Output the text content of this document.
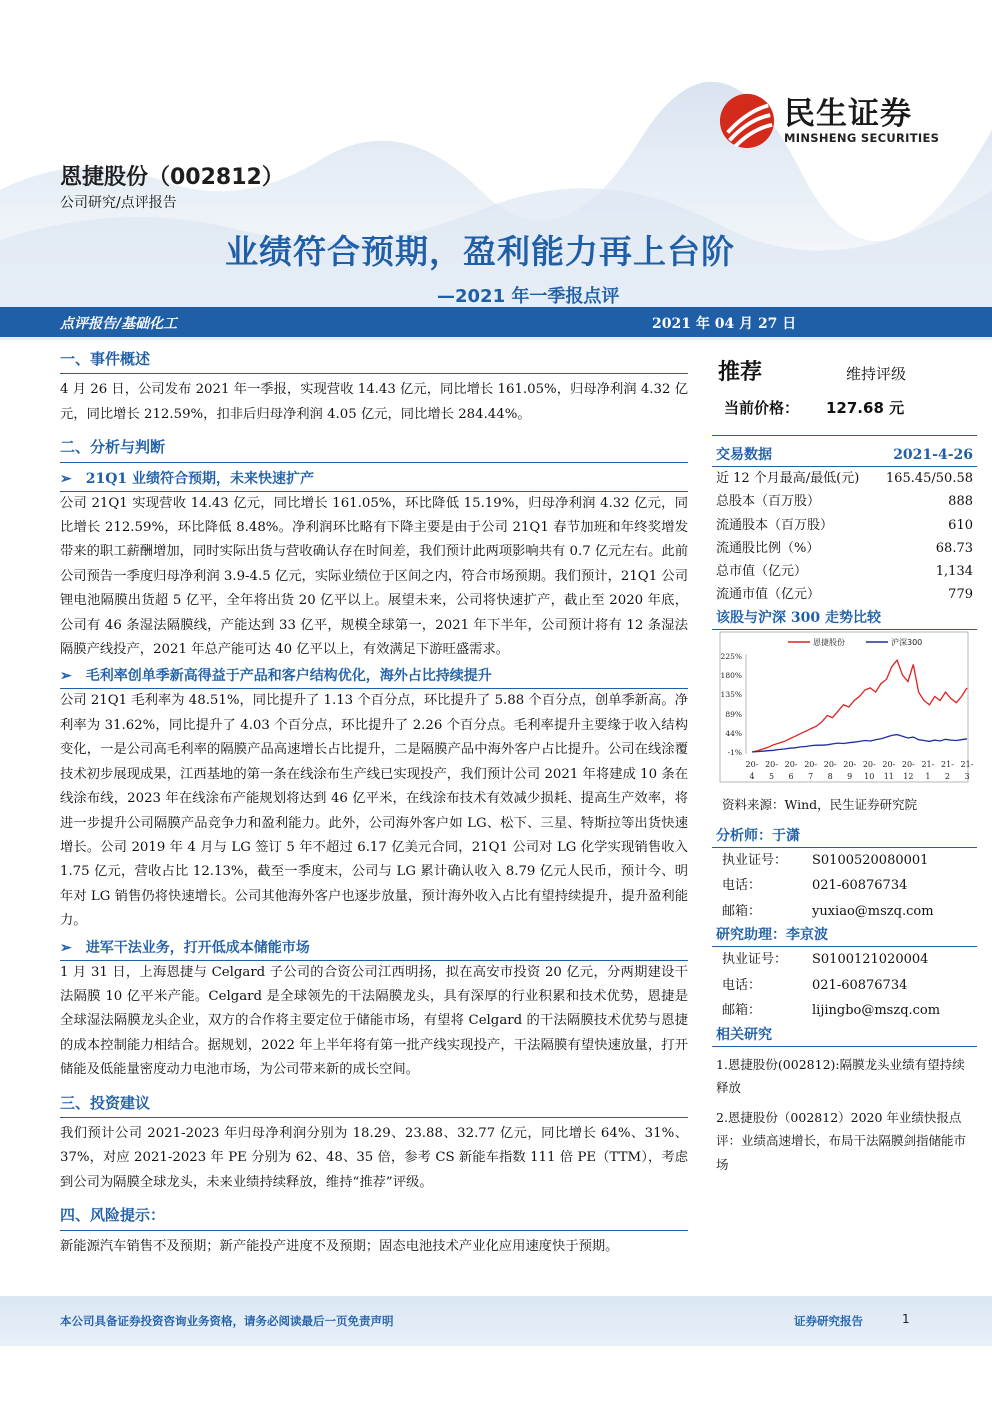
民生证券
MINSHENG SECURITIES
恩捷股份（002812）
公司研究/点评报告
业绩符合预期，盈利能力再上台阶
—2021 年一季报点评
点评报告/基础化工	2021 年 04 月 27 日
一、事件概述

4 月 26 日，公司发布 2021 年一季报，实现营收 14.43 亿元，同比增长 161.05%，归母净利润 4.32 亿元，同比增长 212.59%，扣非后归母净利润 4.05 亿元，同比增长 284.44%。

二、分析与判断
➢ 21Q1 业绩符合预期，未来快速扩产

公司 21Q1 实现营收 14.43 亿元，同比增长 161.05%，环比降低 15.19%，归母净利润 4.32 亿元，同比增长 212.59%，环比降低 8.48%。净利润环比略有下降主要是由于公司 21Q1 春节加班和年终奖增发带来的职工薪酬增加，同时实际出货与营收确认存在时间差，我们预计此两项影响共有 0.7 亿元左右。此前公司预告一季度归母净利润 3.9-4.5 亿元，实际业绩位于区间之内，符合市场预期。我们预计，21Q1 公司锂电池隔膜出货超 5 亿平，全年将出货 20 亿平以上。展望未来，公司将快速扩产，截止至 2020 年底，公司有 46 条湿法隔膜线，产能达到 33 亿平，规模全球第一，2021 年下半年，公司预计将有 12 条湿法隔膜产线投产，2021 年总产能可达 40 亿平以上，有效满足下游旺盛需求。

➢ 毛利率创单季新高得益于产品和客户结构优化，海外占比持续提升

公司 21Q1 毛利率为 48.51%，同比提升了 1.13 个百分点，环比提升了 5.88 个百分点，创单季新高。净利率为 31.62%，同比提升了 4.03 个百分点，环比提升了 2.26 个百分点。毛利率提升主要缘于收入结构变化，一是公司高毛利率的隔膜产品高速增长占比提升，二是隔膜产品中海外客户占比提升。公司在线涂覆技术初步展现成果，江西基地的第一条在线涂布生产线已实现投产，我们预计公司 2021 年将建成 10 条在线涂布线，2023 年在线涂布产能规划将达到 46 亿平米，在线涂布技术有效减少损耗、提高生产效率，将进一步提升公司隔膜产品竞争力和盈利能力。此外，公司海外客户如 LG、松下、三星、特斯拉等出货快速增长。公司 2019 年 4 月与 LG 签订 5 年不超过 6.17 亿美元合同，21Q1 公司对 LG 化学实现销售收入 1.75 亿元，营收占比 12.13%，截至一季度末，公司与 LG 累计确认收入 8.79 亿元人民币，预计今、明年对 LG 销售仍将快速增长。公司其他海外客户也逐步放量，预计海外收入占比有望持续提升，提升盈利能力。

➢ 进军干法业务，打开低成本储能市场

1 月 31 日，上海恩捷与 Celgard 子公司的合资公司江西明扬，拟在高安市投资 20 亿元，分两期建设干法隔膜 10 亿平米产能。Celgard 是全球领先的干法隔膜龙头，具有深厚的行业积累和技术优势，恩捷是全球湿法隔膜龙头企业，双方的合作将主要定位于储能市场，有望将 Celgard 的干法隔膜技术优势与恩捷的成本控制能力相结合。据规划，2022 年上半年将有第一批产线实现投产，干法隔膜有望快速放量，打开储能及低能量密度动力电池市场，为公司带来新的成长空间。

三、投资建议

我们预计公司 2021-2023 年归母净利润分别为 18.29、23.88、32.77 亿元，同比增长 64%、31%、37%，对应 2021-2023 年 PE 分别为 62、48、35 倍，参考 CS 新能车指数 111 倍 PE（TTM），考虑到公司为隔膜全球龙头，未来业绩持续释放，维持“推荐”评级。

四、风险提示：

新能源汽车销售不及预期；新产能投产进度不及预期；固态电池技术产业化应用速度快于预期。

推荐	维持评级
当前价格： 127.68 元
交易数据	2021-4-26
近 12 个月最高/最低(元) 165.45/50.58
总股本（百万股）	888
流通股本（百万股）	610
流通股比例（%）	68.73
总市值（亿元）	1,134
流通市值（亿元）	779
该股与沪深 300 走势比较
恩捷股份	沪深300
225%
180%
135%
89%
44%
-1%
20-
4
20-
5
20-
6
20-
7
20-
8
20-
9
20-
10
20-
11
20-
12
21-
1
21-
2
21-
3
资料来源：Wind，民生证券研究院
分析师：于潇
执业证号：	S0100520080001
电话：	021-60876734
邮箱：	yuxiao@mszq.com
研究助理：李京波
执业证号：	S0100121020004
电话：	021-60876734
邮箱：	lijingbo@mszq.com
相关研究
1.恩捷股份(002812):隔膜龙头业绩有望持续释放
2.恩捷股份（002812）2020 年业绩快报点评：业绩高速增长，布局干法隔膜剑指储能市场
本公司具备证券投资咨询业务资格，请务必阅读最后一页免责声明	证券研究报告	1
